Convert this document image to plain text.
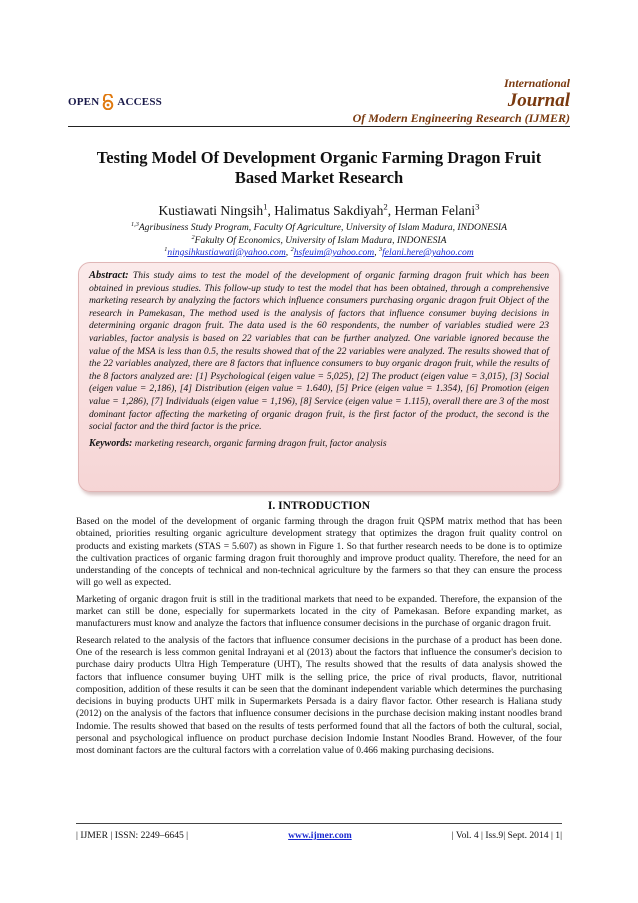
OPEN ACCESS
International
Journal
Of Modern Engineering Research (IJMER)
Testing Model Of Development Organic Farming Dragon Fruit
Based Market Research
Kustiawati Ningsih$^1$, Halimatus Sakdiyah$^2$, Herman Felani$^3$
$^{1,3}$Agribusiness Study Program, Faculty Of Agriculture, University of Islam Madura, INDONESIA
$^2$Fakulty Of Economics, University of Islam Madura, INDONESIA
$^1$ningsihkustiawati@yahoo.com, $^2$hsfeuim@yahoo.com, $^3$felani.here@yahoo.com
Abstract: This study aims to test the model of the development of organic farming dragon fruit which has been obtained in previous studies. This follow-up study to test the model that has been obtained, through a comprehensive marketing research by analyzing the factors which influence consumers purchasing organic dragon fruit Object of the research in Pamekasan, The method used is the analysis of factors that influence consumer buying decisions in determining organic dragon fruit. The data used is the 60 respondents, the number of variables studied were 23 variables, factor analysis is based on 22 variables that can be further analyzed. One variable ignored because the value of the MSA is less than 0.5, the results showed that of the 22 variables were analyzed. The results showed that of the 22 variables analyzed, there are 8 factors that influence consumers to buy organic dragon fruit, while the results of the 8 factors analyzed are: [1] Psychological (eigen value = 5,025), [2] The product (eigen value = 3,015), [3] Social (eigen value = 2,186), [4] Distribution (eigen value = 1.640), [5] Price (eigen value = 1.354), [6] Promotion (eigen value = 1,286), [7] Individuals (eigen value = 1,196), [8] Service (eigen value = 1.115), overall there are 3 of the most dominant factor affecting the marketing of organic dragon fruit, is the first factor of the product, the second is the social factor and the third factor is the price.
Keywords: marketing research, organic farming dragon fruit, factor analysis
I. INTRODUCTION

Based on the model of the development of organic farming through the dragon fruit QSPM matrix method that has been obtained, priorities resulting organic agriculture development strategy that optimizes the dragon fruit quality control on products and existing markets (STAS = 5.607) as shown in Figure 1. So that further research needs to be done is to optimize the cultivation practices of organic farming dragon fruit thoroughly and improve product quality. Therefore, the need for an understanding of the concepts of technical and non-technical agriculture by the farmers so that they can ensure the process will go well as expected.

Marketing of organic dragon fruit is still in the traditional markets that need to be expanded. Therefore, the expansion of the market can still be done, especially for supermarkets located in the city of Pamekasan. Before expanding market, as manufacturers must know and analyze the factors that influence consumer decisions in the purchase of organic dragon fruit.

Research related to the analysis of the factors that influence consumer decisions in the purchase of a product has been done. One of the research is less common genital Indrayani et al (2013) about the factors that influence the consumer's decision to purchase dairy products Ultra High Temperature (UHT), The results showed that the results of data analysis showed the factors that influence consumer buying UHT milk is the selling price, the price of rival products, flavor, nutritional composition, addition of these results it can be seen that the dominant independent variable which determines the purchasing decisions in buying products UHT milk in Supermarkets Persada is a dairy flavor factor. Other research is Haliana study (2012) on the analysis of the factors that influence consumer decisions in the purchase decision making instant noodles brand Indomie. The results showed that based on the results of tests performed found that all the factors of both the cultural, social, personal and psychological influence on product purchase decision Indomie Instant Noodles Brand. However, of the four most dominant factors are the cultural factors with a correlation value of 0.466 making purchasing decisions.

| IJMER | ISSN: 2249–6645 |	www.ijmer.com	| Vol. 4 | Iss.9| Sept. 2014 | 1|
